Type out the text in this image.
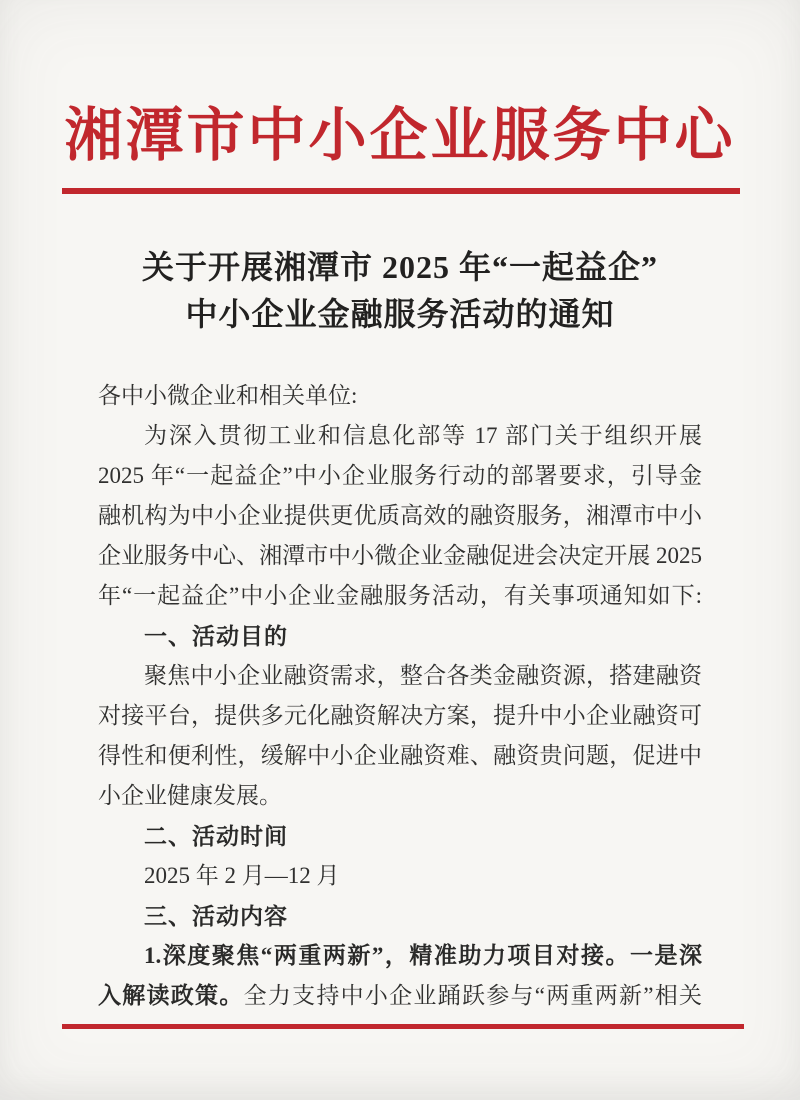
湘潭市中小企业服务中心
关于开展湘潭市 2025 年“一起益企”
中小企业金融服务活动的通知
各中小微企业和相关单位:
为深入贯彻工业和信息化部等 17 部门关于组织开展
2025 年“一起益企”中小企业服务行动的部署要求，引导金
融机构为中小企业提供更优质高效的融资服务，湘潭市中小
企业服务中心、湘潭市中小微企业金融促进会决定开展 2025
年“一起益企”中小企业金融服务活动，有关事项通知如下:
一、活动目的
聚焦中小企业融资需求，整合各类金融资源，搭建融资
对接平台，提供多元化融资解决方案，提升中小企业融资可
得性和便利性，缓解中小企业融资难、融资贵问题，促进中
小企业健康发展。
二、活动时间
2025 年 2 月—12 月
三、活动内容
1.深度聚焦“两重两新”，精准助力项目对接。一是深
入解读政策。全力支持中小企业踊跃参与“两重两新”相关
